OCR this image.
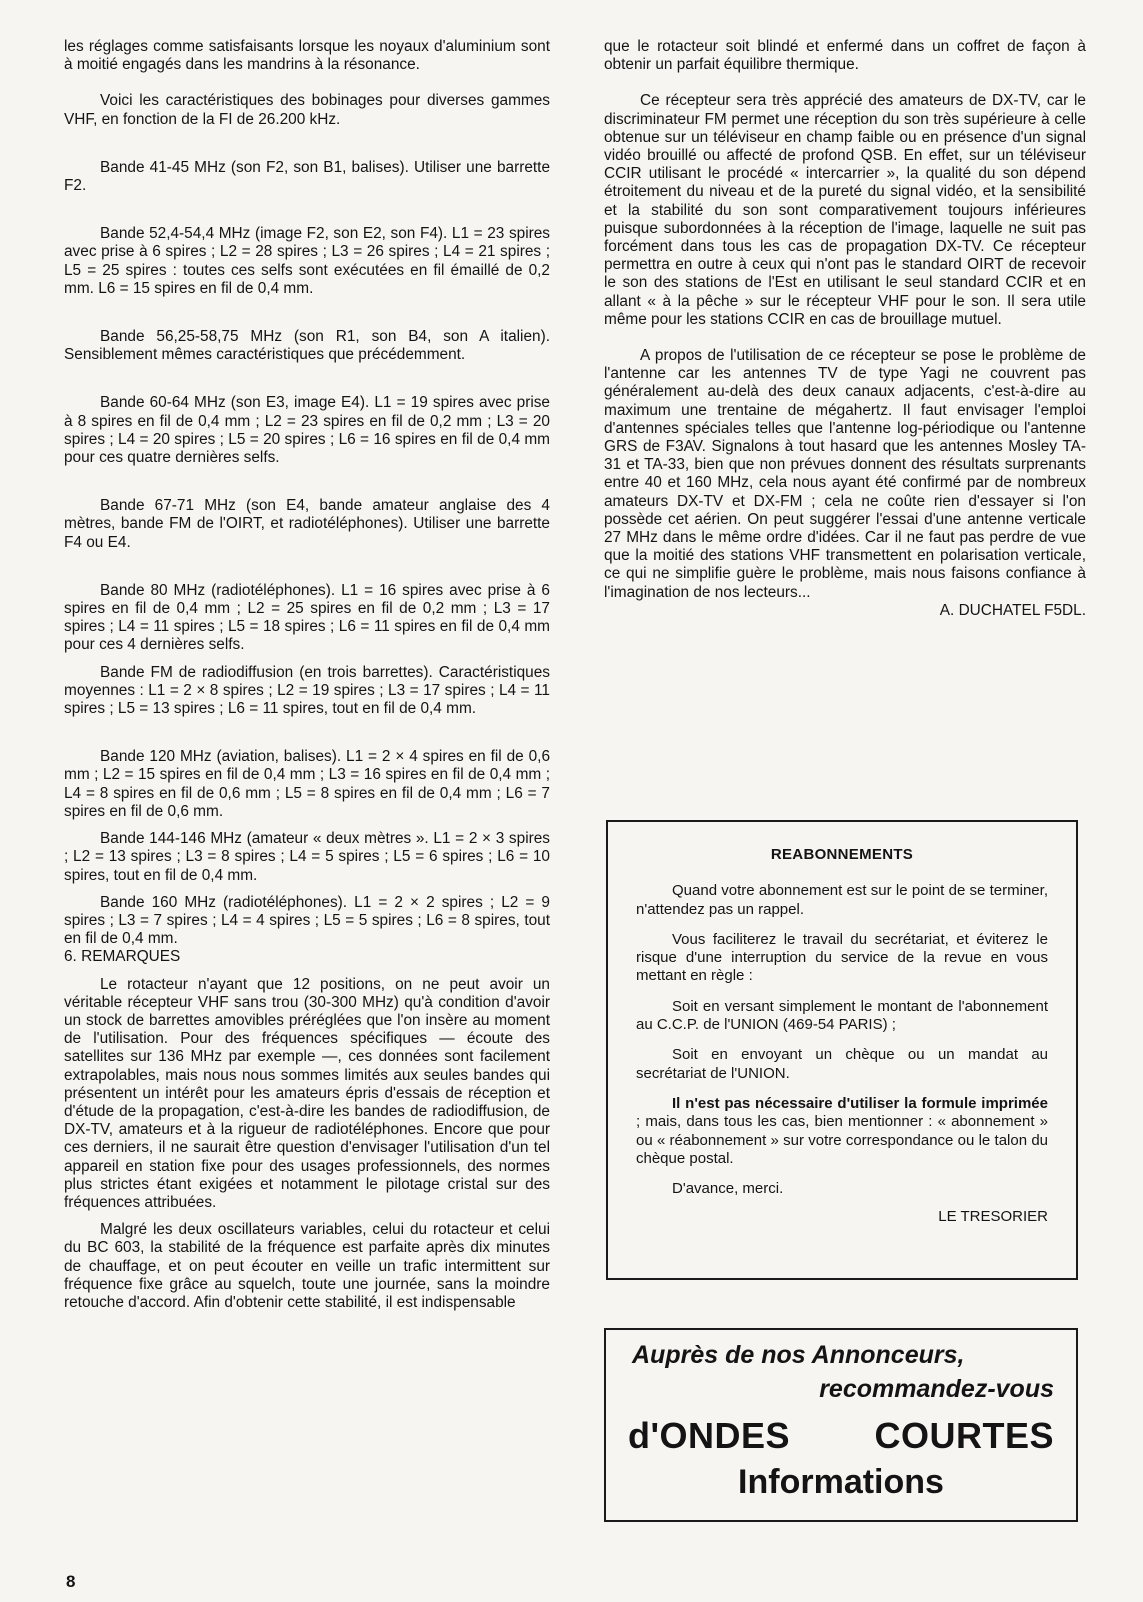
les réglages comme satisfaisants lorsque les noyaux d'aluminium sont à moitié engagés dans les mandrins à la résonance.

Voici les caractéristiques des bobinages pour diverses gammes VHF, en fonction de la FI de 26.200 kHz.

Bande 41-45 MHz (son F2, son B1, balises). Utiliser une barrette F2.

Bande 52,4-54,4 MHz (image F2, son E2, son F4). L1 = 23 spires avec prise à 6 spires ; L2 = 28 spires ; L3 = 26 spires ; L4 = 21 spires ; L5 = 25 spires : toutes ces selfs sont exécutées en fil émaillé de 0,2 mm. L6 = 15 spires en fil de 0,4 mm.

Bande 56,25-58,75 MHz (son R1, son B4, son A italien). Sensiblement mêmes caractéristiques que précédemment.

Bande 60-64 MHz (son E3, image E4). L1 = 19 spires avec prise à 8 spires en fil de 0,4 mm ; L2 = 23 spires en fil de 0,2 mm ; L3 = 20 spires ; L4 = 20 spires ; L5 = 20 spires ; L6 = 16 spires en fil de 0,4 mm pour ces quatre dernières selfs.

Bande 67-71 MHz (son E4, bande amateur anglaise des 4 mètres, bande FM de l'OIRT, et radiotéléphones). Utiliser une barrette F4 ou E4.

Bande 80 MHz (radiotéléphones). L1 = 16 spires avec prise à 6 spires en fil de 0,4 mm ; L2 = 25 spires en fil de 0,2 mm ; L3 = 17 spires ; L4 = 11 spires ; L5 = 18 spires ; L6 = 11 spires en fil de 0,4 mm pour ces 4 dernières selfs.

Bande FM de radiodiffusion (en trois barrettes). Caractéristiques moyennes : L1 = 2 × 8 spires ; L2 = 19 spires ; L3 = 17 spires ; L4 = 11 spires ; L5 = 13 spires ; L6 = 11 spires, tout en fil de 0,4 mm.

Bande 120 MHz (aviation, balises). L1 = 2 × 4 spires en fil de 0,6 mm ; L2 = 15 spires en fil de 0,4 mm ; L3 = 16 spires en fil de 0,4 mm ; L4 = 8 spires en fil de 0,6 mm ; L5 = 8 spires en fil de 0,4 mm ; L6 = 7 spires en fil de 0,6 mm.

Bande 144-146 MHz (amateur « deux mètres ». L1 = 2 × 3 spires ; L2 = 13 spires ; L3 = 8 spires ; L4 = 5 spires ; L5 = 6 spires ; L6 = 10 spires, tout en fil de 0,4 mm.

Bande 160 MHz (radiotéléphones). L1 = 2 × 2 spires ; L2 = 9 spires ; L3 = 7 spires ; L4 = 4 spires ; L5 = 5 spires ; L6 = 8 spires, tout en fil de 0,4 mm.

6. REMARQUES

Le rotacteur n'ayant que 12 positions, on ne peut avoir un véritable récepteur VHF sans trou (30-300 MHz) qu'à condition d'avoir un stock de barrettes amovibles préréglées que l'on insère au moment de l'utilisation. Pour des fréquences spécifiques — écoute des satellites sur 136 MHz par exemple —, ces données sont facilement extrapolables, mais nous nous sommes limités aux seules bandes qui présentent un intérêt pour les amateurs épris d'essais de réception et d'étude de la propagation, c'est-à-dire les bandes de radiodiffusion, de DX-TV, amateurs et à la rigueur de radiotéléphones. Encore que pour ces derniers, il ne saurait être question d'envisager l'utilisation d'un tel appareil en station fixe pour des usages professionnels, des normes plus strictes étant exigées et notamment le pilotage cristal sur des fréquences attribuées.

Malgré les deux oscillateurs variables, celui du rotacteur et celui du BC 603, la stabilité de la fréquence est parfaite après dix minutes de chauffage, et on peut écouter en veille un trafic intermittent sur fréquence fixe grâce au squelch, toute une journée, sans la moindre retouche d'accord. Afin d'obtenir cette stabilité, il est indispensable

que le rotacteur soit blindé et enfermé dans un coffret de façon à obtenir un parfait équilibre thermique.

Ce récepteur sera très apprécié des amateurs de DX-TV, car le discriminateur FM permet une réception du son très supérieure à celle obtenue sur un téléviseur en champ faible ou en présence d'un signal vidéo brouillé ou affecté de profond QSB. En effet, sur un téléviseur CCIR utilisant le procédé « intercarrier », la qualité du son dépend étroitement du niveau et de la pureté du signal vidéo, et la sensibilité et la stabilité du son sont comparativement toujours inférieures puisque subordonnées à la réception de l'image, laquelle ne suit pas forcément dans tous les cas de propagation DX-TV. Ce récepteur permettra en outre à ceux qui n'ont pas le standard OIRT de recevoir le son des stations de l'Est en utilisant le seul standard CCIR et en allant « à la pêche » sur le récepteur VHF pour le son. Il sera utile même pour les stations CCIR en cas de brouillage mutuel.

A propos de l'utilisation de ce récepteur se pose le problème de l'antenne car les antennes TV de type Yagi ne couvrent pas généralement au-delà des deux canaux adjacents, c'est-à-dire au maximum une trentaine de mégahertz. Il faut envisager l'emploi d'antennes spéciales telles que l'antenne log-périodique ou l'antenne GRS de F3AV. Signalons à tout hasard que les antennes Mosley TA-31 et TA-33, bien que non prévues donnent des résultats surprenants entre 40 et 160 MHz, cela nous ayant été confirmé par de nombreux amateurs DX-TV et DX-FM ; cela ne coûte rien d'essayer si l'on possède cet aérien. On peut suggérer l'essai d'une antenne verticale 27 MHz dans le même ordre d'idées. Car il ne faut pas perdre de vue que la moitié des stations VHF transmettent en polarisation verticale, ce qui ne simplifie guère le problème, mais nous faisons confiance à l'imagination de nos lecteurs...

A. DUCHATEL F5DL.

REABONNEMENTS

Quand votre abonnement est sur le point de se terminer, n'attendez pas un rappel.

Vous faciliterez le travail du secrétariat, et éviterez le risque d'une interruption du service de la revue en vous mettant en règle :

Soit en versant simplement le montant de l'abonnement au C.C.P. de l'UNION (469-54 PARIS) ;

Soit en envoyant un chèque ou un mandat au secrétariat de l'UNION.

Il n'est pas nécessaire d'utiliser la formule imprimée ; mais, dans tous les cas, bien mentionner : « abonnement » ou « réabonnement » sur votre correspondance ou le talon du chèque postal.

D'avance, merci.

LE TRESORIER

Auprès de nos Annonceurs,
recommandez-vous
d'ONDES COURTES
Informations
8
